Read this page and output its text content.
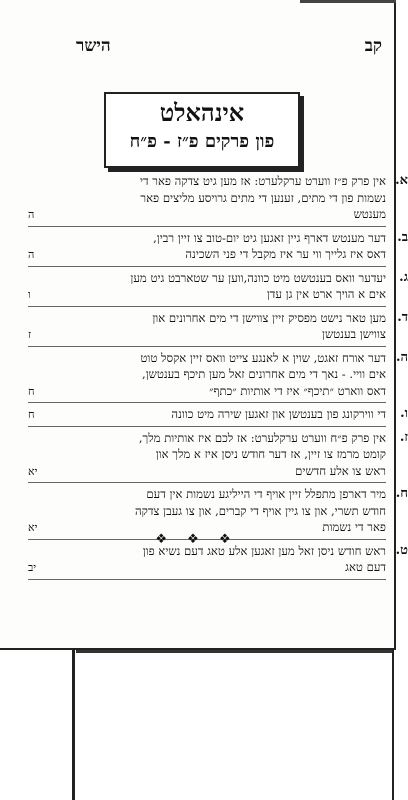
קב
הישר
אינהאלט
פון פרקים פ״ז - פ״ח
א.
אין פרק פ״ז ווערט ערקלערט: אז מען גיט צדקה פאר די
נשמות פון די מתים, זענען די מתים גרויסע מליצים פאר
מענטש
ה
ב.
דער מענטש דארף גיין זאגען גיט יום-טוב צו זיין רבין,
דאס איז גלייך ווי ער איז מקבל די פני השכינה
ה
ג.
יעדער וואס בענטשט מיט כוונה,ווען ער שטארבט גיט מען
אים א הויך ארט אין גן עדן
ו
ד.
מען טאר נישט מפסיק זיין צווישן די מים אחרונים און
צווישן בענטשן
ז
ה.
דער אורח זאגט, שוין א לאנגע צייט וואס זיין אקסל טוט
אים וויי. - נאך די מים אחרונים זאל מען תיכף בענטשן,
דאס ווארט ״תיכף״ איז די אותיות ״כתף״
ח
ו.
די ווירקונג פון בענטשן און זאגען שירה מיט כוונה
ח
ז.
אין פרק פ״ח ווערט ערקלערט: אז לכם איז אותיות מלך,
קומט מרמז צו זיין, אז דער חודש ניסן איז א מלך און
ראש צו אלע חדשים
יא
ח.
מיר דארפן מתפלל זיין אויף די הייליגע נשמות אין דעם
חודש תשרי, און צו גיין אויף די קברים, און צו געבן צדקה
פאר די נשמות
יא
ט.
ראש חודש ניסן זאל מען זאגען אלע טאג דעם נשיא פון
דעם טאג
יב
❖ ❖ ❖
